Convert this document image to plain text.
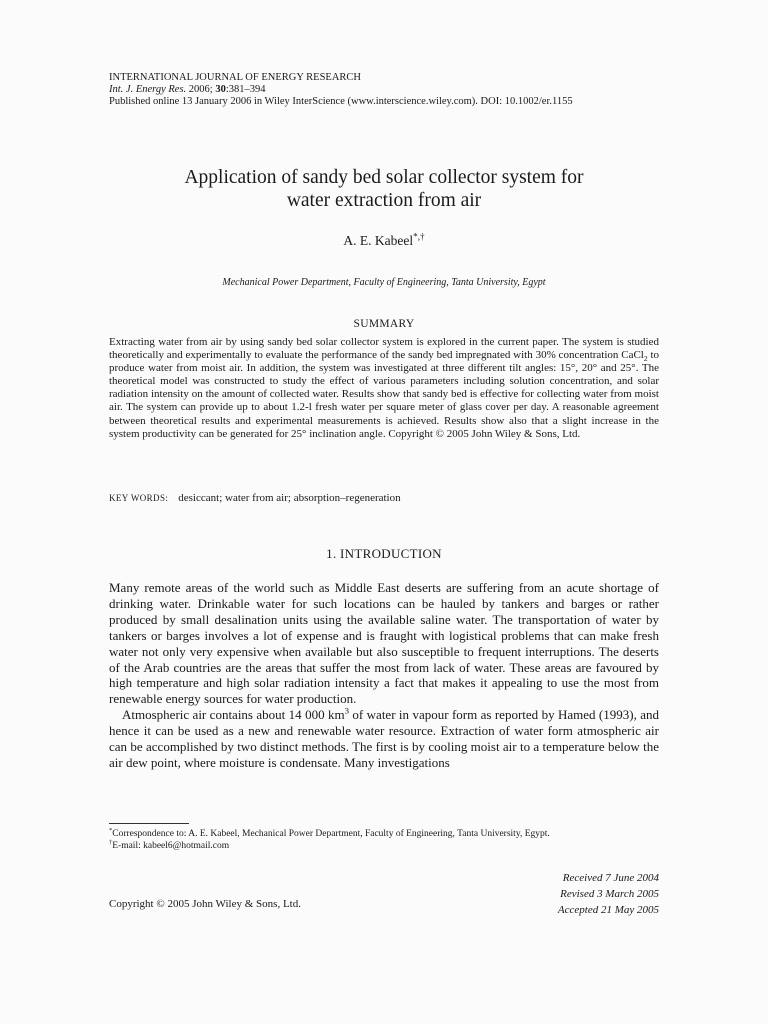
INTERNATIONAL JOURNAL OF ENERGY RESEARCH
Int. J. Energy Res. 2006; 30:381–394
Published online 13 January 2006 in Wiley InterScience (www.interscience.wiley.com). DOI: 10.1002/er.1155
Application of sandy bed solar collector system for
water extraction from air
A. E. Kabeel*,†
Mechanical Power Department, Faculty of Engineering, Tanta University, Egypt
SUMMARY
Extracting water from air by using sandy bed solar collector system is explored in the current paper. The system is studied theoretically and experimentally to evaluate the performance of the sandy bed impregnated with 30% concentration CaCl$_2$ to produce water from moist air. In addition, the system was investigated at three different tilt angles: 15°, 20° and 25°. The theoretical model was constructed to study the effect of various parameters including solution concentration, and solar radiation intensity on the amount of collected water. Results show that sandy bed is effective for collecting water from moist air. The system can provide up to about 1.2-l fresh water per square meter of glass cover per day. A reasonable agreement between theoretical results and experimental measurements is achieved. Results show also that a slight increase in the system productivity can be generated for 25° inclination angle. Copyright © 2005 John Wiley & Sons, Ltd.
KEY WORDS: desiccant; water from air; absorption–regeneration
1. INTRODUCTION

Many remote areas of the world such as Middle East deserts are suffering from an acute shortage of drinking water. Drinkable water for such locations can be hauled by tankers and barges or rather produced by small desalination units using the available saline water. The transportation of water by tankers or barges involves a lot of expense and is fraught with logistical problems that can make fresh water not only very expensive when available but also susceptible to frequent interruptions. The deserts of the Arab countries are the areas that suffer the most from lack of water. These areas are favoured by high temperature and high solar radiation intensity a fact that makes it appealing to use the most from renewable energy sources for water production.

Atmospheric air contains about 14 000 $km^3$ of water in vapour form as reported by Hamed (1993), and hence it can be used as a new and renewable water resource. Extraction of water form atmospheric air can be accomplished by two distinct methods. The first is by cooling moist air to a temperature below the air dew point, where moisture is condensate. Many investigations

*Correspondence to: A. E. Kabeel, Mechanical Power Department, Faculty of Engineering, Tanta University, Egypt.
†E-mail: kabeel6@hotmail.com
Received 7 June 2004
Revised 3 March 2005
Accepted 21 May 2005
Copyright © 2005 John Wiley & Sons, Ltd.
